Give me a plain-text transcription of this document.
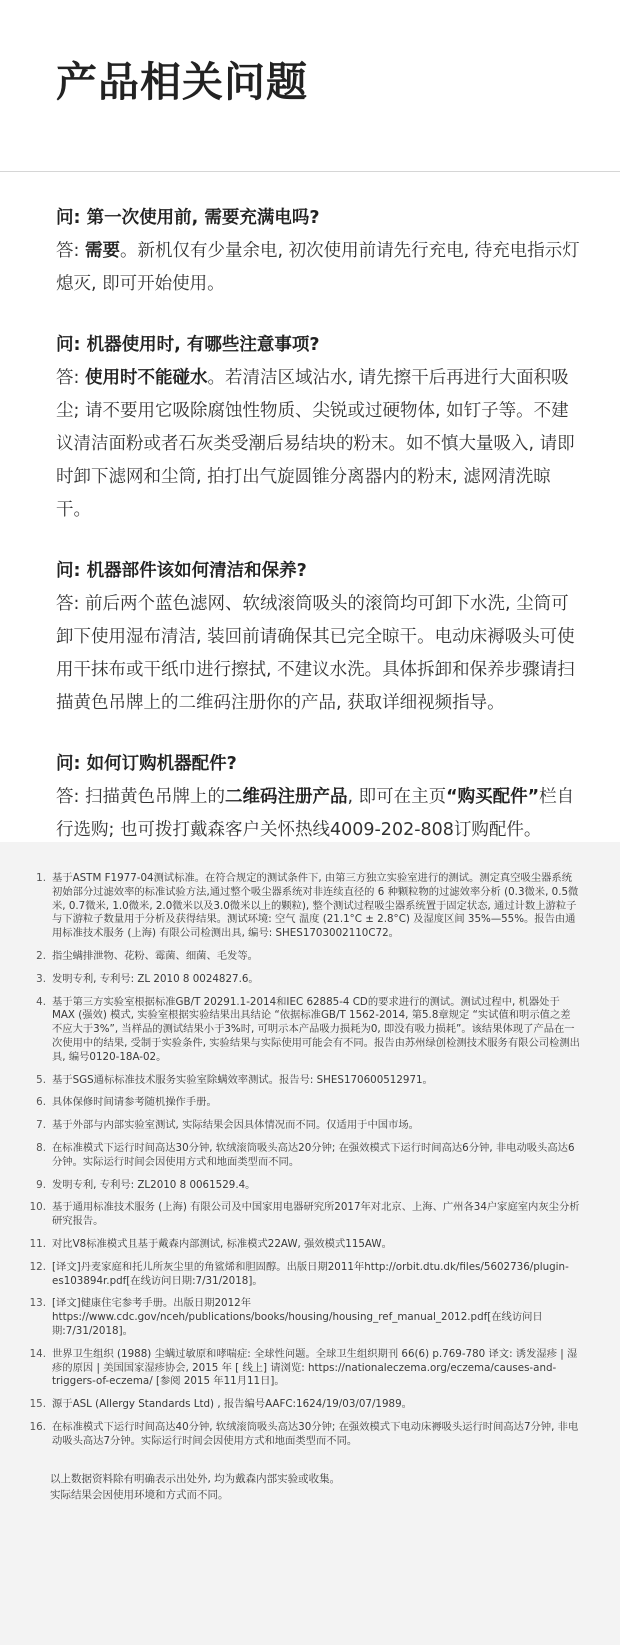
产品相关问题

问: 第一次使用前, 需要充满电吗?

答: 需要。新机仅有少量余电, 初次使用前请先行充电, 待充电指示灯熄灭, 即可开始使用。

问: 机器使用时, 有哪些注意事项?

答: 使用时不能碰水。若清洁区域沾水, 请先擦干后再进行大面积吸尘; 请不要用它吸除腐蚀性物质、尖锐或过硬物体, 如钉子等。不建议清洁面粉或者石灰类受潮后易结块的粉末。如不慎大量吸入, 请即时卸下滤网和尘筒, 拍打出气旋圆锥分离器内的粉末, 滤网清洗晾干。

问: 机器部件该如何清洁和保养?

答: 前后两个蓝色滤网、软绒滚筒吸头的滚筒均可卸下水洗, 尘筒可卸下使用湿布清洁, 装回前请确保其已完全晾干。电动床褥吸头可使用干抹布或干纸巾进行擦拭, 不建议水洗。具体拆卸和保养步骤请扫描黄色吊牌上的二维码注册你的产品, 获取详细视频指导。

问: 如何订购机器配件?

答: 扫描黄色吊牌上的二维码注册产品, 即可在主页“购买配件”栏自行选购; 也可拨打戴森客户关怀热线4009-202-808订购配件。

1. 基于ASTM F1977-04测试标准。在符合规定的测试条件下, 由第三方独立实验室进行的测试。测定真空吸尘器系统初始部分过滤效率的标准试验方法,通过整个吸尘器系统对非连续直径的 6 种颗粒物的过滤效率分析 (0.3微米, 0.5微米, 0.7微米, 1.0微米, 2.0微米以及3.0微米以上的颗粒), 整个测试过程吸尘器系统置于固定状态, 通过计数上游粒子与下游粒子数量用于分析及获得结果。测试环境: 空气 温度 (21.1°C ± 2.8°C) 及湿度区间 35%—55%。报告由通用标准技术服务 (上海) 有限公司检测出具, 编号: SHES1703002110C72。
2. 指尘螨排泄物、花粉、霉菌、细菌、毛发等。
3. 发明专利, 专利号: ZL 2010 8 0024827.6。
4. 基于第三方实验室根据标准GB/T 20291.1-2014和IEC 62885-4 CD的要求进行的测试。测试过程中, 机器处于MAX (强效) 模式, 实验室根据实验结果出具结论 “依据标准GB/T 1562-2014, 第5.8章规定 “实试值和明示值之差不应大于3%”, 当样品的测试结果小于3%时, 可明示本产品吸力损耗为0, 即没有吸力损耗”。该结果体现了产品在一次使用中的结果, 受制于实验条件, 实验结果与实际使用可能会有不同。报告由苏州绿创检测技术服务有限公司检测出具, 编号0120-18A-02。
5. 基于SGS通标标准技术服务实验室除螨效率测试。报告号: SHES170600512971。
6. 具体保修时间请参考随机操作手册。
7. 基于外部与内部实验室测试, 实际结果会因具体情况而不同。仅适用于中国市场。
8. 在标准模式下运行时间高达30分钟, 软绒滚筒吸头高达20分钟; 在强效模式下运行时间高达6分钟, 非电动吸头高达6分钟。实际运行时间会因使用方式和地面类型而不同。
9. 发明专利, 专利号: ZL2010 8 0061529.4。
10. 基于通用标准技术服务 (上海) 有限公司及中国家用电器研究所2017年对北京、上海、广州各34户家庭室内灰尘分析研究报告。
11. 对比V8标准模式且基于戴森内部测试, 标准模式22AW, 强效模式115AW。
12. [译文]丹麦家庭和托儿所灰尘里的角鲨烯和胆固醇。出版日期2011年http://orbit.dtu.dk/files/5602736/plugin-es103894r.pdf[在线访问日期:7/31/2018]。
13. [译文]健康住宅参考手册。出版日期2012年https://www.cdc.gov/nceh/publications/books/housing/housing_ref_manual_2012.pdf[在线访问日期:7/31/2018]。
14. 世界卫生组织 (1988) 尘螨过敏原和哮喘症: 全球性问题。全球卫生组织期刊 66(6) p.769-780 译文: 诱发湿疹 | 湿疹的原因 | 美国国家湿疹协会, 2015 年 [ 线上] 请浏览: https://nationaleczema.org/eczema/causes-and-triggers-of-eczema/ [参阅 2015 年11月11日]。
15. 源于ASL (Allergy Standards Ltd) , 报告编号AAFC:1624/19/03/07/1989。
16. 在标准模式下运行时间高达40分钟, 软绒滚筒吸头高达30分钟; 在强效模式下电动床褥吸头运行时间高达7分钟, 非电动吸头高达7分钟。实际运行时间会因使用方式和地面类型而不同。
以上数据资料除有明确表示出处外, 均为戴森内部实验或收集。
实际结果会因使用环境和方式而不同。
